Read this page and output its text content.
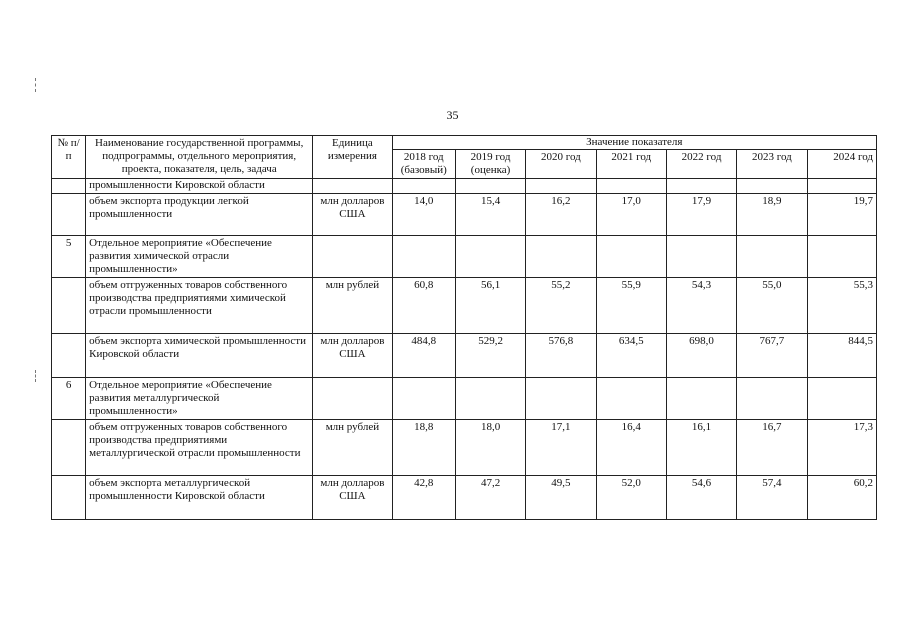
35
№ п/п	Наименование государственной программы, подпрограммы, отдельного мероприятия, проекта, показателя, цель, задача	Единица измерения	Значение показателя						
			2018 год (базовый)	2019 год (оценка)	2020 год	2021 год	2022 год	2023 год	2024 год
	промышленности Кировской области								
	объем экспорта продукции легкой промышленности	млн долларов США	14,0	15,4	16,2	17,0	17,9	18,9	19,7
5	Отдельное мероприятие «Обеспечение развития химической отрасли промышленности»								
	объем отгруженных товаров собственного производства предприятиями химической отрасли промышленности	млн рублей	60,8	56,1	55,2	55,9	54,3	55,0	55,3
	объем экспорта химической промышленности Кировской области	млн долларов США	484,8	529,2	576,8	634,5	698,0	767,7	844,5
6	Отдельное мероприятие «Обеспечение развития металлургической промышленности»								
	объем отгруженных товаров собственного производства предприятиями металлургической отрасли промышленности	млн рублей	18,8	18,0	17,1	16,4	16,1	16,7	17,3
	объем экспорта металлургической промышленности Кировской области	млн долларов США	42,8	47,2	49,5	52,0	54,6	57,4	60,2
